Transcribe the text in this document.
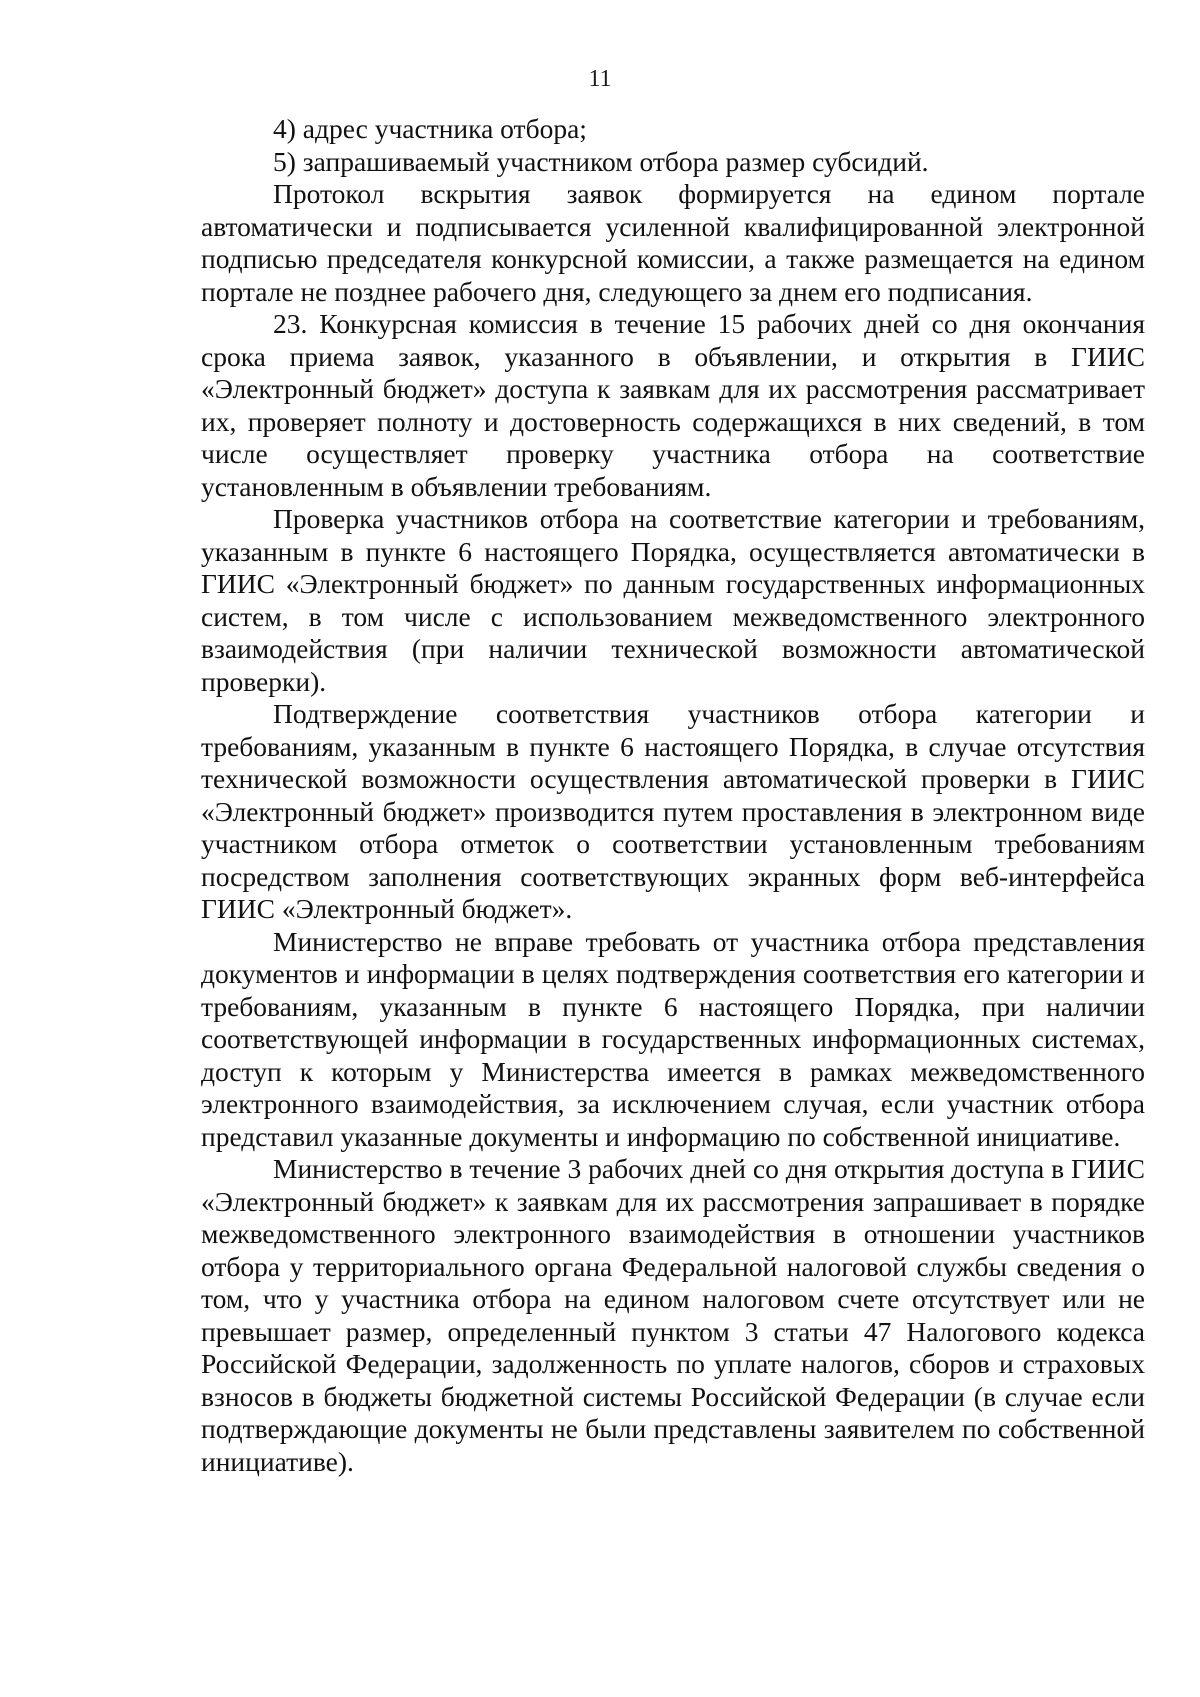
11

4) адрес участника отбора;

5) запрашиваемый участником отбора размер субсидий.

Протокол вскрытия заявок формируется на едином портале автоматически и подписывается усиленной квалифицированной электронной подписью председателя конкурсной комиссии, а также размещается на едином портале не позднее рабочего дня, следующего за днем его подписания.

23. Конкурсная комиссия в течение 15 рабочих дней со дня окончания срока приема заявок, указанного в объявлении, и открытия в ГИИС «Электронный бюджет» доступа к заявкам для их рассмотрения рассматривает их, проверяет полноту и достоверность содержащихся в них сведений, в том числе осуществляет проверку участника отбора на соответствие установленным в объявлении требованиям.

Проверка участников отбора на соответствие категории и требованиям, указанным в пункте 6 настоящего Порядка, осуществляется автоматически в ГИИС «Электронный бюджет» по данным государственных информационных систем, в том числе с использованием межведомственного электронного взаимодействия (при наличии технической возможности автоматической проверки).

Подтверждение соответствия участников отбора категории и требованиям, указанным в пункте 6 настоящего Порядка, в случае отсутствия технической возможности осуществления автоматической проверки в ГИИС «Электронный бюджет» производится путем проставления в электронном виде участником отбора отметок о соответствии установленным требованиям посредством заполнения соответствующих экранных форм веб-интерфейса ГИИС «Электронный бюджет».

Министерство не вправе требовать от участника отбора представления документов и информации в целях подтверждения соответствия его категории и требованиям, указанным в пункте 6 настоящего Порядка, при наличии соответствующей информации в государственных информационных системах, доступ к которым у Министерства имеется в рамках межведомственного электронного взаимодействия, за исключением случая, если участник отбора представил указанные документы и информацию по собственной инициативе.

Министерство в течение 3 рабочих дней со дня открытия доступа в ГИИС «Электронный бюджет» к заявкам для их рассмотрения запрашивает в порядке межведомственного электронного взаимодействия в отношении участников отбора у территориального органа Федеральной налоговой службы сведения о том, что у участника отбора на едином налоговом счете отсутствует или не превышает размер, определенный пунктом 3 статьи 47 Налогового кодекса Российской Федерации, задолженность по уплате налогов, сборов и страховых взносов в бюджеты бюджетной системы Российской Федерации (в случае если подтверждающие документы не были представлены заявителем по собственной инициативе).
